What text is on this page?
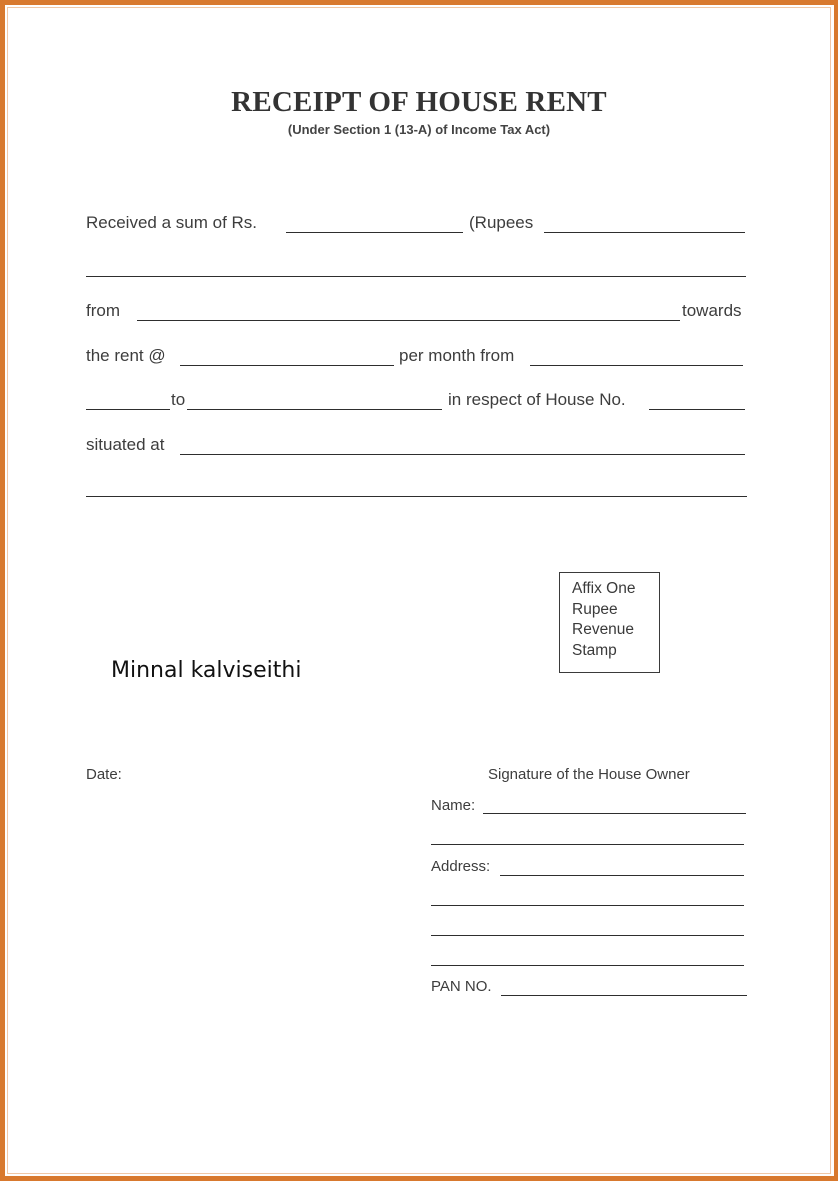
RECEIPT OF HOUSE RENT
(Under Section 1 (13-A) of Income Tax Act)
Received a sum of Rs.	(Rupees
from	towards
the rent @	per month from
to	in respect of House No.
situated at
Affix One
Rupee
Revenue
Stamp
Minnal kalviseithi
Date:	Signature of the House Owner
Name:
Address:
PAN NO.
